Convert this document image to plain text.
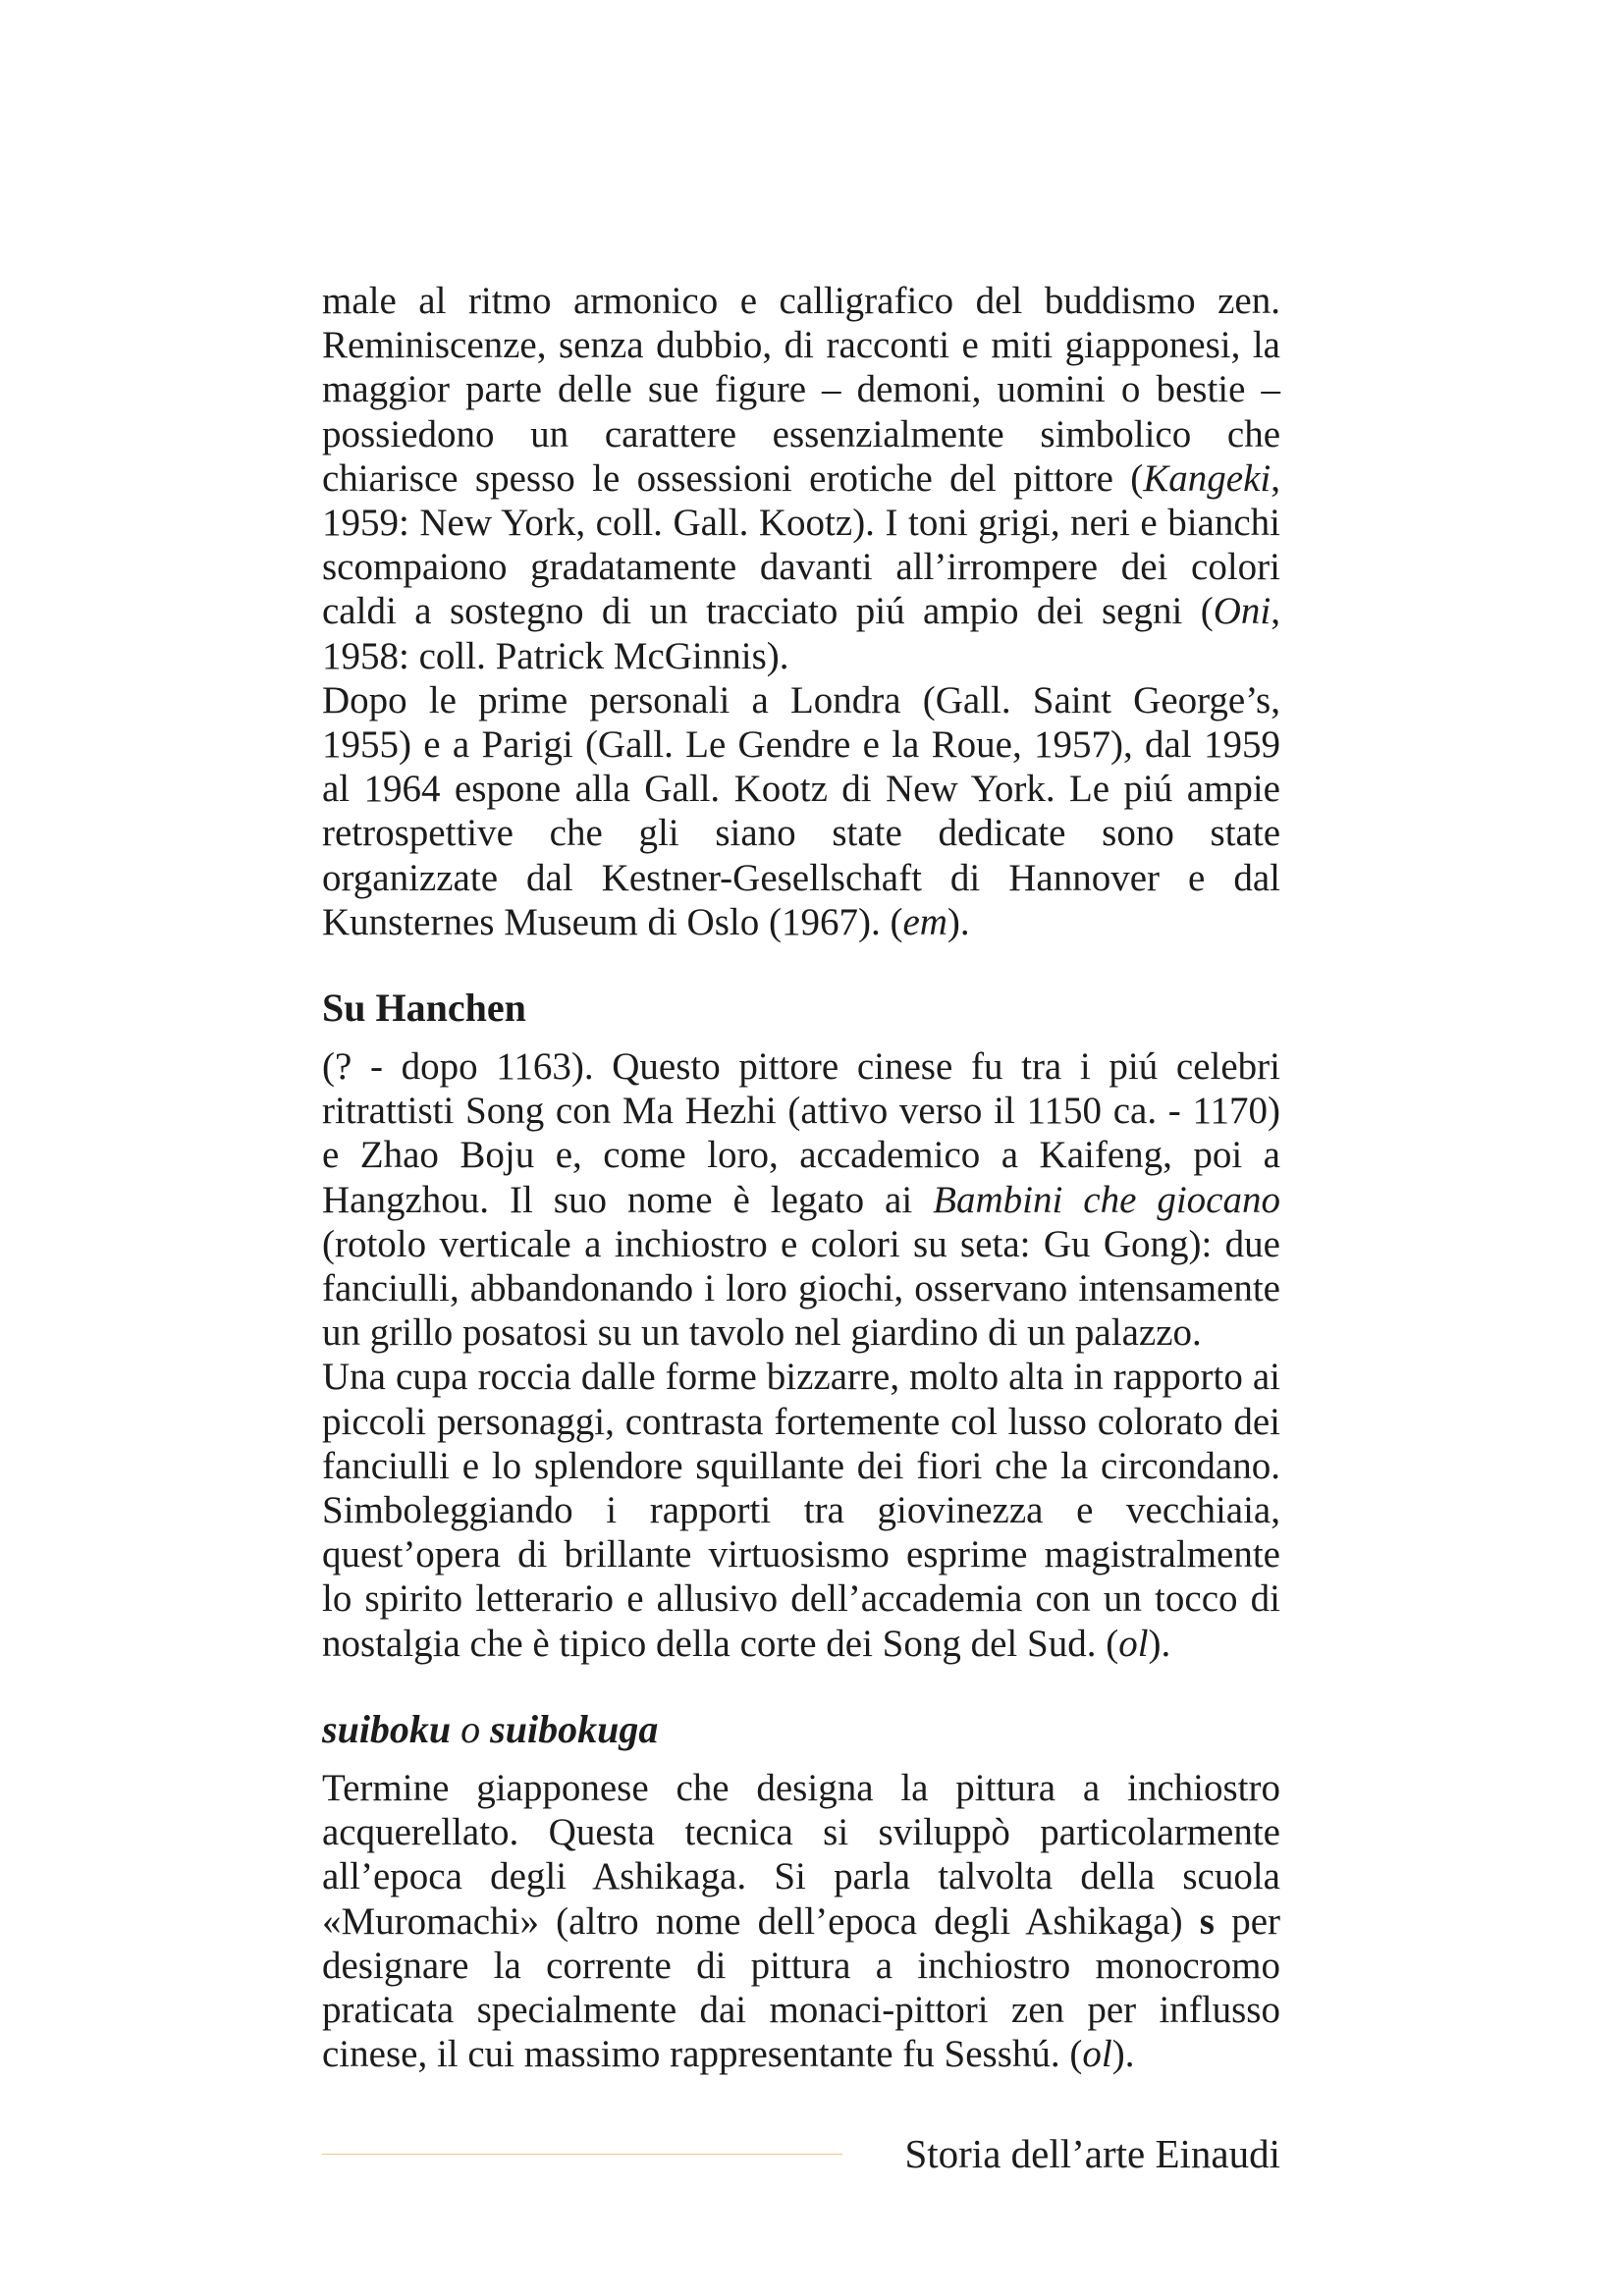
male al ritmo armonico e calligrafico del buddismo zen. Reminiscenze, senza dubbio, di racconti e miti giapponesi, la maggior parte delle sue figure – demoni, uomini o bestie – possiedono un carattere essenzialmente simbolico che chiarisce spesso le ossessioni erotiche del pittore (Kangeki, 1959: New York, coll. Gall. Kootz). I toni grigi, neri e bianchi scompaiono gradatamente davanti all’irrompere dei colori caldi a sostegno di un tracciato piú ampio dei segni (Oni, 1958: coll. Patrick McGinnis).

Dopo le prime personali a Londra (Gall. Saint George’s, 1955) e a Parigi (Gall. Le Gendre e la Roue, 1957), dal 1959 al 1964 espone alla Gall. Kootz di New York. Le piú ampie retrospettive che gli siano state dedicate sono state organizzate dal Kestner-Gesellschaft di Hannover e dal Kunsternes Museum di Oslo (1967). (em).

Su Hanchen

(? - dopo 1163). Questo pittore cinese fu tra i piú celebri ritrattisti Song con Ma Hezhi (attivo verso il 1150 ca. - 1170) e Zhao Boju e, come loro, accademico a Kaifeng, poi a Hangzhou. Il suo nome è legato ai Bambini che giocano (rotolo verticale a inchiostro e colori su seta: Gu Gong): due fanciulli, abbandonando i loro giochi, osservano intensamente un grillo posatosi su un tavolo nel giardino di un palazzo.

Una cupa roccia dalle forme bizzarre, molto alta in rapporto ai piccoli personaggi, contrasta fortemente col lusso colorato dei fanciulli e lo splendore squillante dei fiori che la circondano. Simboleggiando i rapporti tra giovinezza e vecchiaia, quest’opera di brillante virtuosismo esprime magistralmente lo spirito letterario e allusivo dell’accademia con un tocco di nostalgia che è tipico della corte dei Song del Sud. (ol).

suiboku o suibokuga

Termine giapponese che designa la pittura a inchiostro acquerellato. Questa tecnica si sviluppò particolarmente all’epoca degli Ashikaga. Si parla talvolta della scuola «Muromachi» (altro nome dell’epoca degli Ashikaga) s per designare la corrente di pittura a inchiostro monocromo praticata specialmente dai monaci-pittori zen per influsso cinese, il cui massimo rappresentante fu Sesshú. (ol).

Storia dell’arte Einaudi
